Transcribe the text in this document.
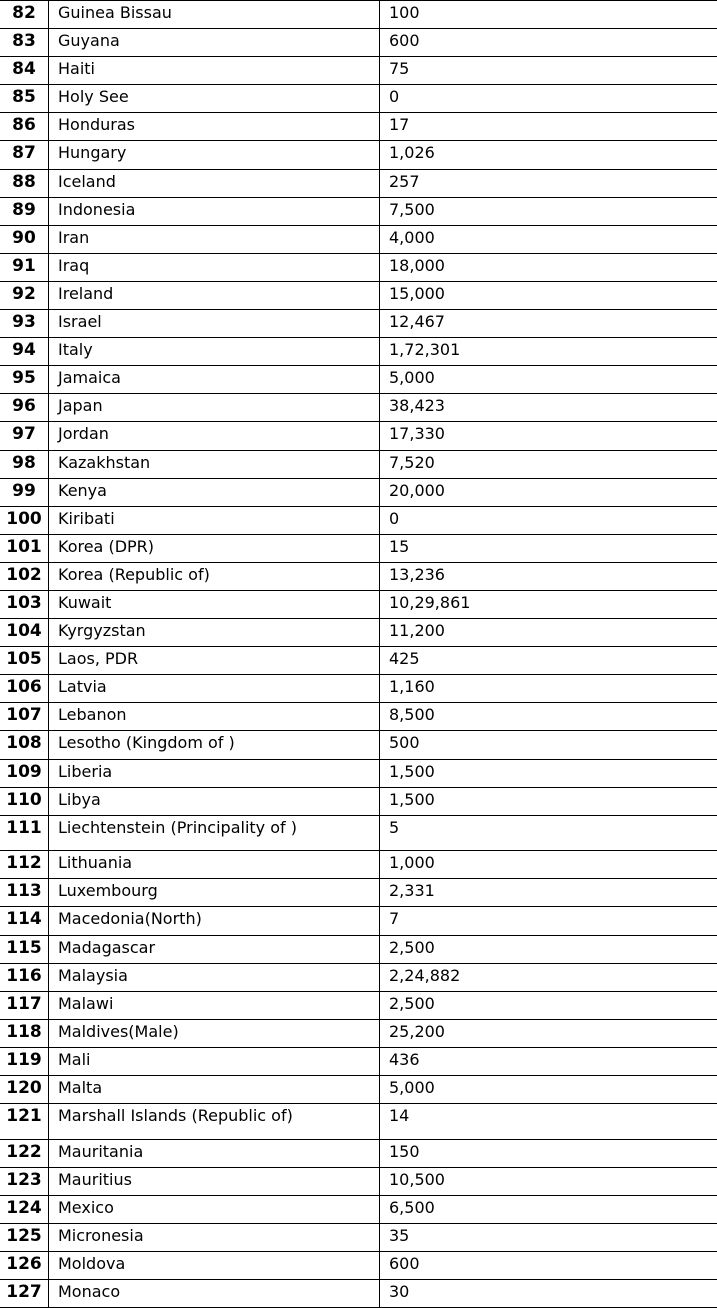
82	Guinea Bissau	100
83	Guyana	600
84	Haiti	75
85	Holy See	0
86	Honduras	17
87	Hungary	1,026
88	Iceland	257
89	Indonesia	7,500
90	Iran	4,000
91	Iraq	18,000
92	Ireland	15,000
93	Israel	12,467
94	Italy	1,72,301
95	Jamaica	5,000
96	Japan	38,423
97	Jordan	17,330
98	Kazakhstan	7,520
99	Kenya	20,000
100	Kiribati	0
101	Korea (DPR)	15
102	Korea (Republic of)	13,236
103	Kuwait	10,29,861
104	Kyrgyzstan	11,200
105	Laos, PDR	425
106	Latvia	1,160
107	Lebanon	8,500
108	Lesotho (Kingdom of )	500
109	Liberia	1,500
110	Libya	1,500
111	Liechtenstein (Principality of )	5
112	Lithuania	1,000
113	Luxembourg	2,331
114	Macedonia(North)	7
115	Madagascar	2,500
116	Malaysia	2,24,882
117	Malawi	2,500
118	Maldives(Male)	25,200
119	Mali	436
120	Malta	5,000
121	Marshall Islands (Republic of)	14
122	Mauritania	150
123	Mauritius	10,500
124	Mexico	6,500
125	Micronesia	35
126	Moldova	600
127	Monaco	30
